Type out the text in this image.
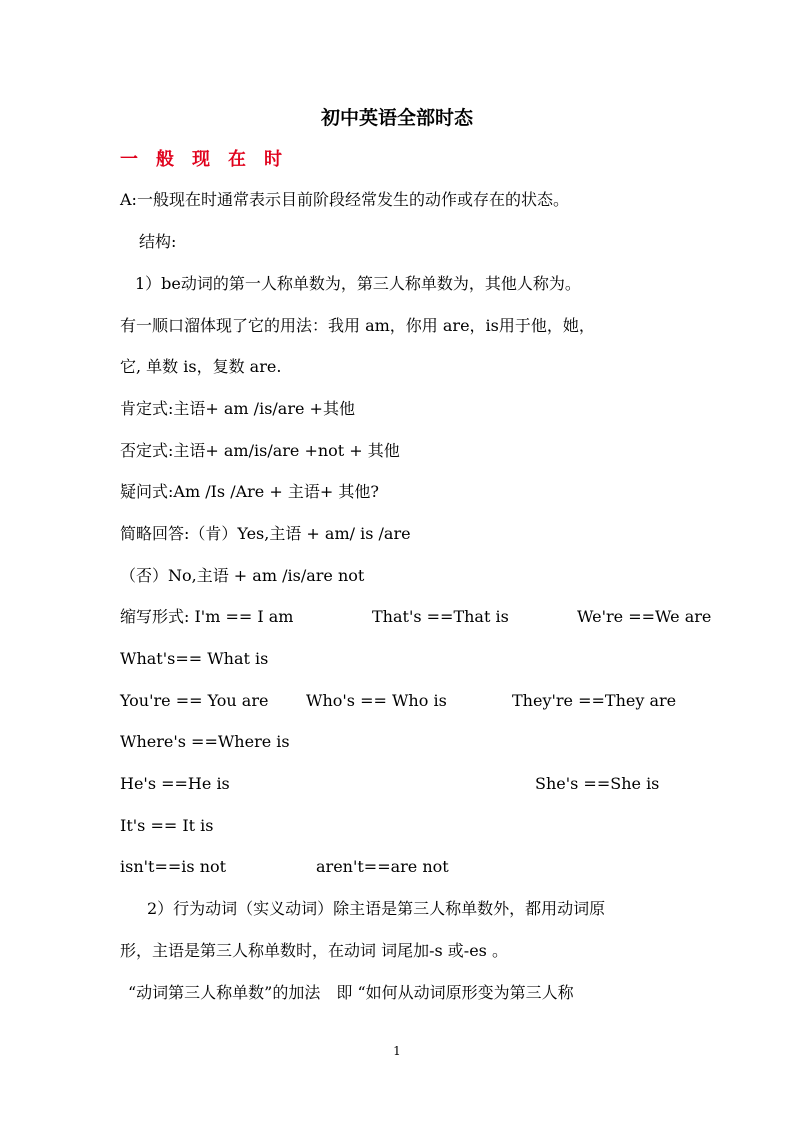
初中英语全部时态
一　般　现　在　时
A:一般现在时通常表示目前阶段经常发生的动作或存在的状态。
结构:
1）be动词的第一人称单数为，第三人称单数为，其他人称为。
有一顺口溜体现了它的用法：我用 am，你用 are，is用于他，她，
它, 单数 is，复数 are.
肯定式:主语+ am /is/are +其他
否定式:主语+ am/is/are +not + 其他
疑问式:Am /Is /Are + 主语+ 其他?
简略回答:（肯）Yes,主语 + am/ is /are
（否）No,主语 + am /is/are not
缩写形式: I'm == I am	That's ==That is	We're ==We are
What's== What is
You're == You are Who's == Who is	They're ==They are
Where's ==Where is
He's ==He is	She's ==She is
It's == It is
isn't==is not	aren't==are not
2）行为动词（实义动词）除主语是第三人称单数外，都用动词原
形，主语是第三人称单数时，在动词 词尾加-s 或-es 。
“动词第三人称单数”的加法　即 “如何从动词原形变为第三人称
1
